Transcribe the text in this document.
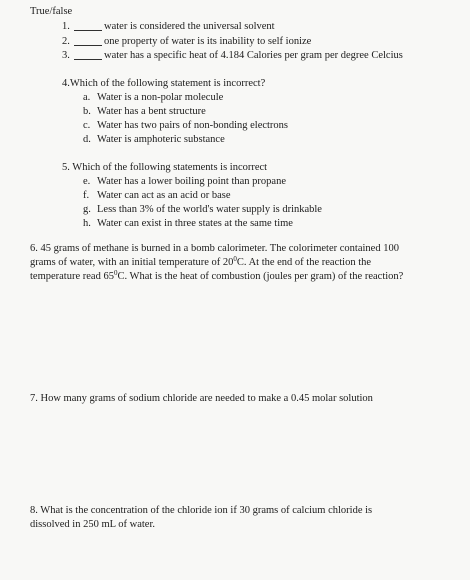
True/false
1.	water is considered the universal solvent
2.	one property of water is its inability to self ionize
3.	water has a specific heat of 4.184 Calories per gram per degree Celcius
4.Which of the following statement is incorrect?
a. Water is a non-polar molecule
b. Water has a bent structure
c. Water has two pairs of non-bonding electrons
d. Water is amphoteric substance
5. Which of the following statements is incorrect
e. Water has a lower boiling point than propane
f. Water can act as an acid or base
g. Less than 3% of the world's water supply is drinkable
h. Water can exist in three states at the same time
6. 45 grams of methane is burned in a bomb calorimeter. The colorimeter contained 100
grams of water, with an initial temperature of $20^0C$. At the end of the reaction the
temperature read $65^0C$. What is the heat of combustion (joules per gram) of the reaction?
7. How many grams of sodium chloride are needed to make a 0.45 molar solution
8. What is the concentration of the chloride ion if 30 grams of calcium chloride is
dissolved in 250 mL of water.
